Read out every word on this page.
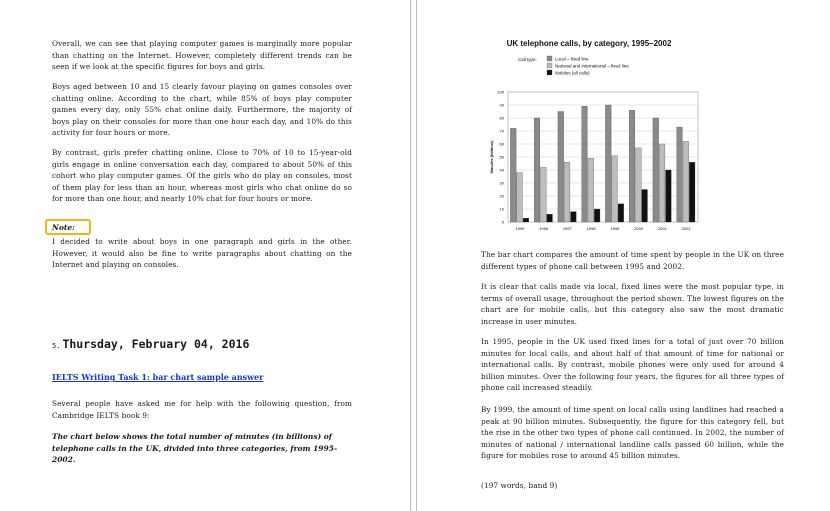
Overall, we can see that playing computer games is marginally more popular than chatting on the Internet. However, completely different trends can be seen if we look at the specific figures for boys and girls.

Boys aged between 10 and 15 clearly favour playing on games consoles over chatting online. According to the chart, while 85% of boys play computer games every day, only 55% chat online daily. Furthermore, the majority of boys play on their consoles for more than one hour each day, and 10% do this activity for four hours or more.

By contrast, girls prefer chatting online. Close to 70% of 10 to 15-year-old girls engage in online conversation each day, compared to about 50% of this cohort who play computer games. Of the girls who do play on consoles, most of them play for less than an hour, whereas most girls who chat online do so for more than one hour, and nearly 10% chat for four hours or more.

Note:

I decided to write about boys in one paragraph and girls in the other. However, it would also be fine to write paragraphs about chatting on the Internet and playing on consoles.

5. Thursday, February 04, 2016
IELTS Writing Task 1: bar chart sample answer

Several people have asked me for help with the following question, from Cambridge IELTS book 9:

The chart below shows the total number of minutes (in billions) of telephone calls in the UK, divided into three categories, from 1995-2002.
UK telephone calls, by category, 1995–2002
Call type:	Local – fixed line
National and international – fixed line
Mobiles (all calls)
0
10
20
30
40
50
60
70
80
90
100
Minutes (billions)
1995	1996	1997	1998	1999	2000	2001	2002

The bar chart compares the amount of time spent by people in the UK on three different types of phone call between 1995 and 2002.

It is clear that calls made via local, fixed lines were the most popular type, in terms of overall usage, throughout the period shown. The lowest figures on the chart are for mobile calls, but this category also saw the most dramatic increase in user minutes.

In 1995, people in the UK used fixed lines for a total of just over 70 billion minutes for local calls, and about half of that amount of time for national or international calls. By contrast, mobile phones were only used for around 4 billion minutes. Over the following four years, the figures for all three types of phone call increased steadily.

By 1999, the amount of time spent on local calls using landlines had reached a peak at 90 billion minutes. Subsequently, the figure for this category fell, but the rise in the other two types of phone call continued. In 2002, the number of minutes of national / international landline calls passed 60 billion, while the figure for mobiles rose to around 45 billion minutes.

(197 words, band 9)
